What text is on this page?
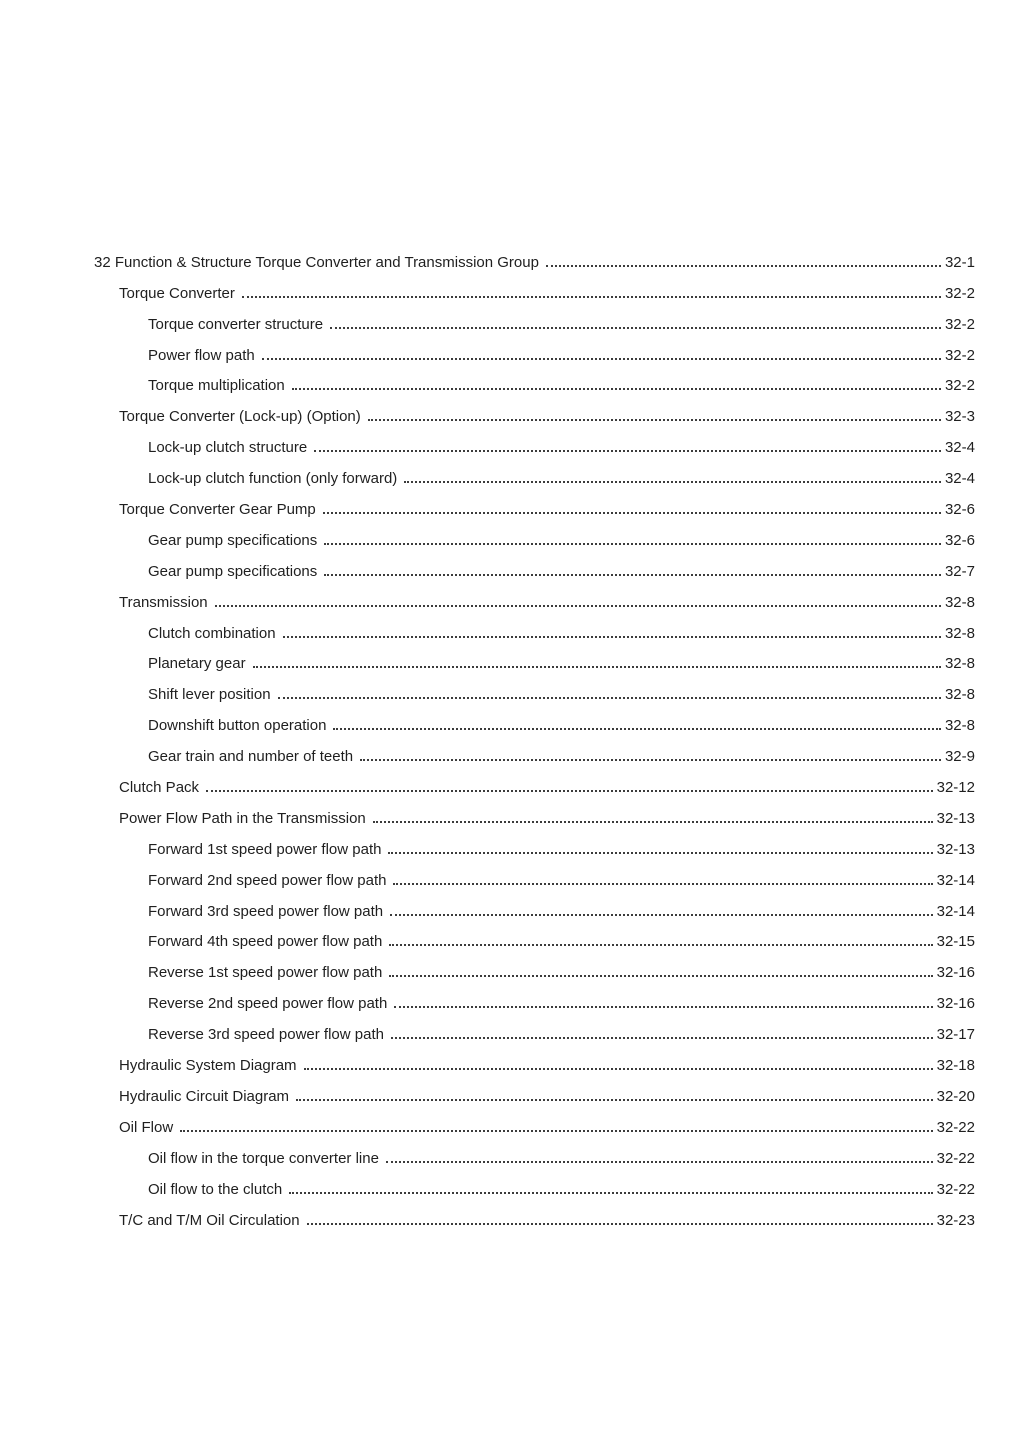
32 Function & Structure Torque Converter and Transmission Group	32-1
Torque Converter	32-2
Torque converter structure	32-2
Power flow path	32-2
Torque multiplication	32-2
Torque Converter (Lock-up) (Option)	32-3
Lock-up clutch structure	32-4
Lock-up clutch function (only forward)	32-4
Torque Converter Gear Pump	32-6
Gear pump specifications	32-6
Gear pump specifications	32-7
Transmission	32-8
Clutch combination	32-8
Planetary gear	32-8
Shift lever position	32-8
Downshift button operation	32-8
Gear train and number of teeth	32-9
Clutch Pack	32-12
Power Flow Path in the Transmission	32-13
Forward 1st speed power flow path	32-13
Forward 2nd speed power flow path	32-14
Forward 3rd speed power flow path	32-14
Forward 4th speed power flow path	32-15
Reverse 1st speed power flow path	32-16
Reverse 2nd speed power flow path	32-16
Reverse 3rd speed power flow path	32-17
Hydraulic System Diagram	32-18
Hydraulic Circuit Diagram	32-20
Oil Flow	32-22
Oil flow in the torque converter line	32-22
Oil flow to the clutch	32-22
T/C and T/M Oil Circulation	32-23
